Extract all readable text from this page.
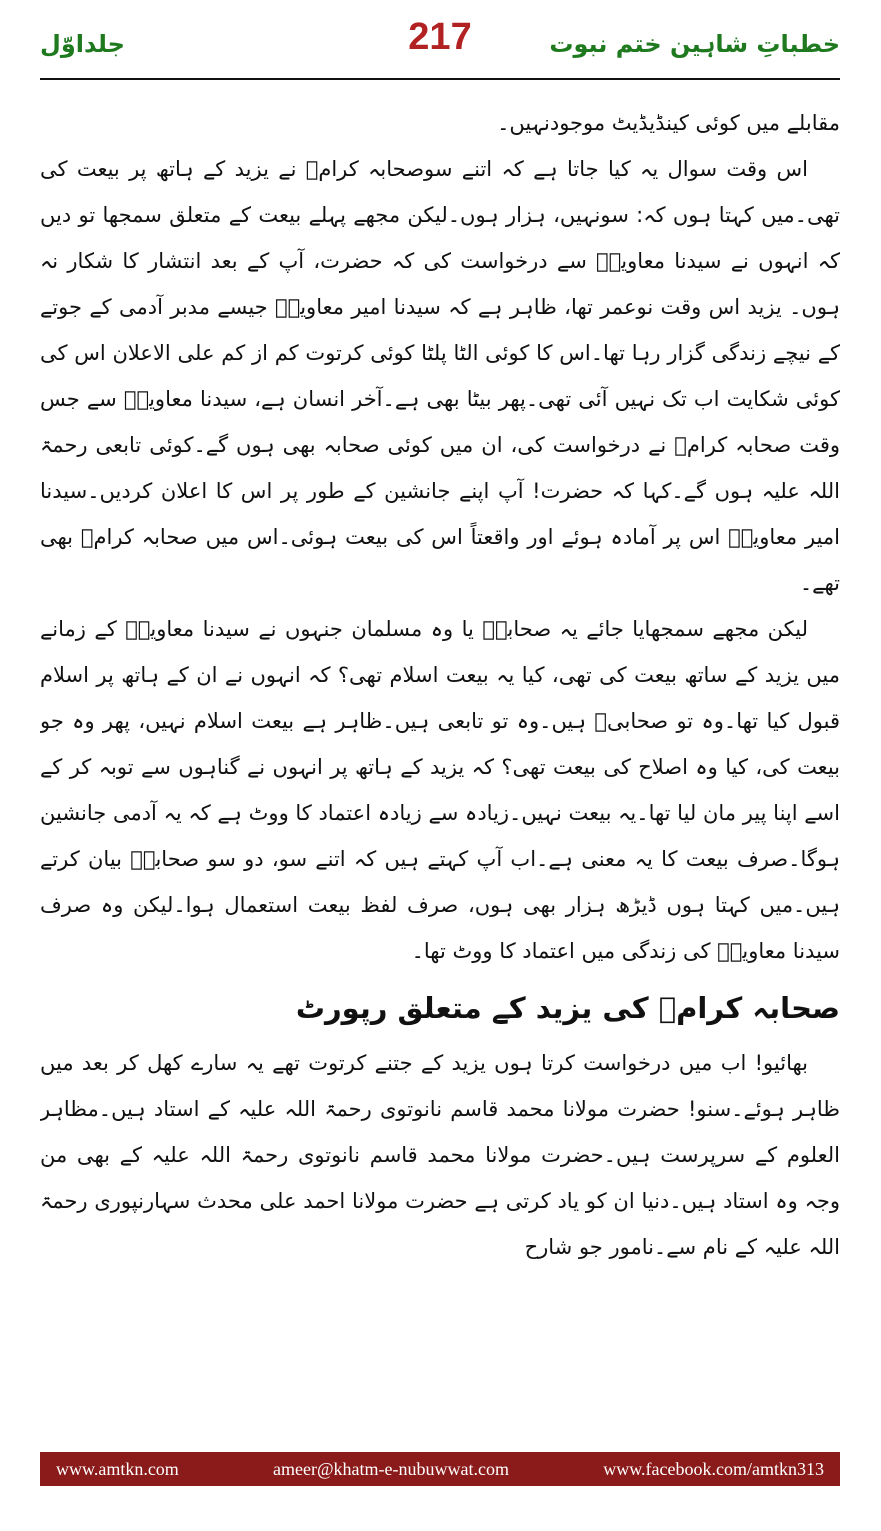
جلداوّل	217	خطباتِ شاہین ختم نبوت

مقابلے میں کوئی کینڈیڈیٹ موجودنہیں۔

اس وقت سوال یہ کیا جاتا ہے کہ اتنے سوصحابہ کرامؓ نے یزید کے ہاتھ پر بیعت کی تھی۔میں کہتا ہوں کہ: سونہیں، ہزار ہوں۔لیکن مجھے پہلے بیعت کے متعلق سمجھا تو دیں کہ انہوں نے سیدنا معاویہؓ سے درخواست کی کہ حضرت، آپ کے بعد انتشار کا شکار نہ ہوں۔ یزید اس وقت نوعمر تھا، ظاہر ہے کہ سیدنا امیر معاویہؓ جیسے مدبر آدمی کے جوتے کے نیچے زندگی گزار رہا تھا۔اس کا کوئی الٹا پلٹا کوئی کرتوت کم از کم علی الاعلان اس کی کوئی شکایت اب تک نہیں آئی تھی۔پھر بیٹا بھی ہے۔آخر انسان ہے، سیدنا معاویہؓ سے جس وقت صحابہ کرامؓ نے درخواست کی، ان میں کوئی صحابہ بھی ہوں گے۔کوئی تابعی رحمۃ اللہ علیہ ہوں گے۔کہا کہ حضرت! آپ اپنے جانشین کے طور پر اس کا اعلان کردیں۔سیدنا امیر معاویہؓ اس پر آمادہ ہوئے اور واقعتاً اس کی بیعت ہوئی۔اس میں صحابہ کرامؓ بھی تھے۔

لیکن مجھے سمجھایا جائے یہ صحابہؓ یا وہ مسلمان جنہوں نے سیدنا معاویہؓ کے زمانے میں یزید کے ساتھ بیعت کی تھی، کیا یہ بیعت اسلام تھی؟ کہ انہوں نے ان کے ہاتھ پر اسلام قبول کیا تھا۔وہ تو صحابیؓ ہیں۔وہ تو تابعی ہیں۔ظاہر ہے بیعت اسلام نہیں، پھر وہ جو بیعت کی، کیا وہ اصلاح کی بیعت تھی؟ کہ یزید کے ہاتھ پر انہوں نے گناہوں سے توبہ کر کے اسے اپنا پیر مان لیا تھا۔یہ بیعت نہیں۔زیادہ سے زیادہ اعتماد کا ووٹ ہے کہ یہ آدمی جانشین ہوگا۔صرف بیعت کا یہ معنی ہے۔اب آپ کہتے ہیں کہ اتنے سو، دو سو صحابہؓ بیان کرتے ہیں۔میں کہتا ہوں ڈیڑھ ہزار بھی ہوں، صرف لفظ بیعت استعمال ہوا۔لیکن وہ صرف سیدنا معاویہؓ کی زندگی میں اعتماد کا ووٹ تھا۔

صحابہ کرامؓ کی یزید کے متعلق رپورٹ

بھائیو! اب میں درخواست کرتا ہوں یزید کے جتنے کرتوت تھے یہ سارے کھل کر بعد میں ظاہر ہوئے۔سنو! حضرت مولانا محمد قاسم نانوتوی رحمۃ اللہ علیہ کے استاد ہیں۔مظاہر العلوم کے سرپرست ہیں۔حضرت مولانا محمد قاسم نانوتوی رحمۃ اللہ علیہ کے بھی من وجہ وہ استاد ہیں۔دنیا ان کو یاد کرتی ہے حضرت مولانا احمد علی محدث سہارنپوری رحمۃ اللہ علیہ کے نام سے۔نامور جو شارح

www.amtkn.com	ameer@khatm-e-nubuwwat.com	www.facebook.com/amtkn313
